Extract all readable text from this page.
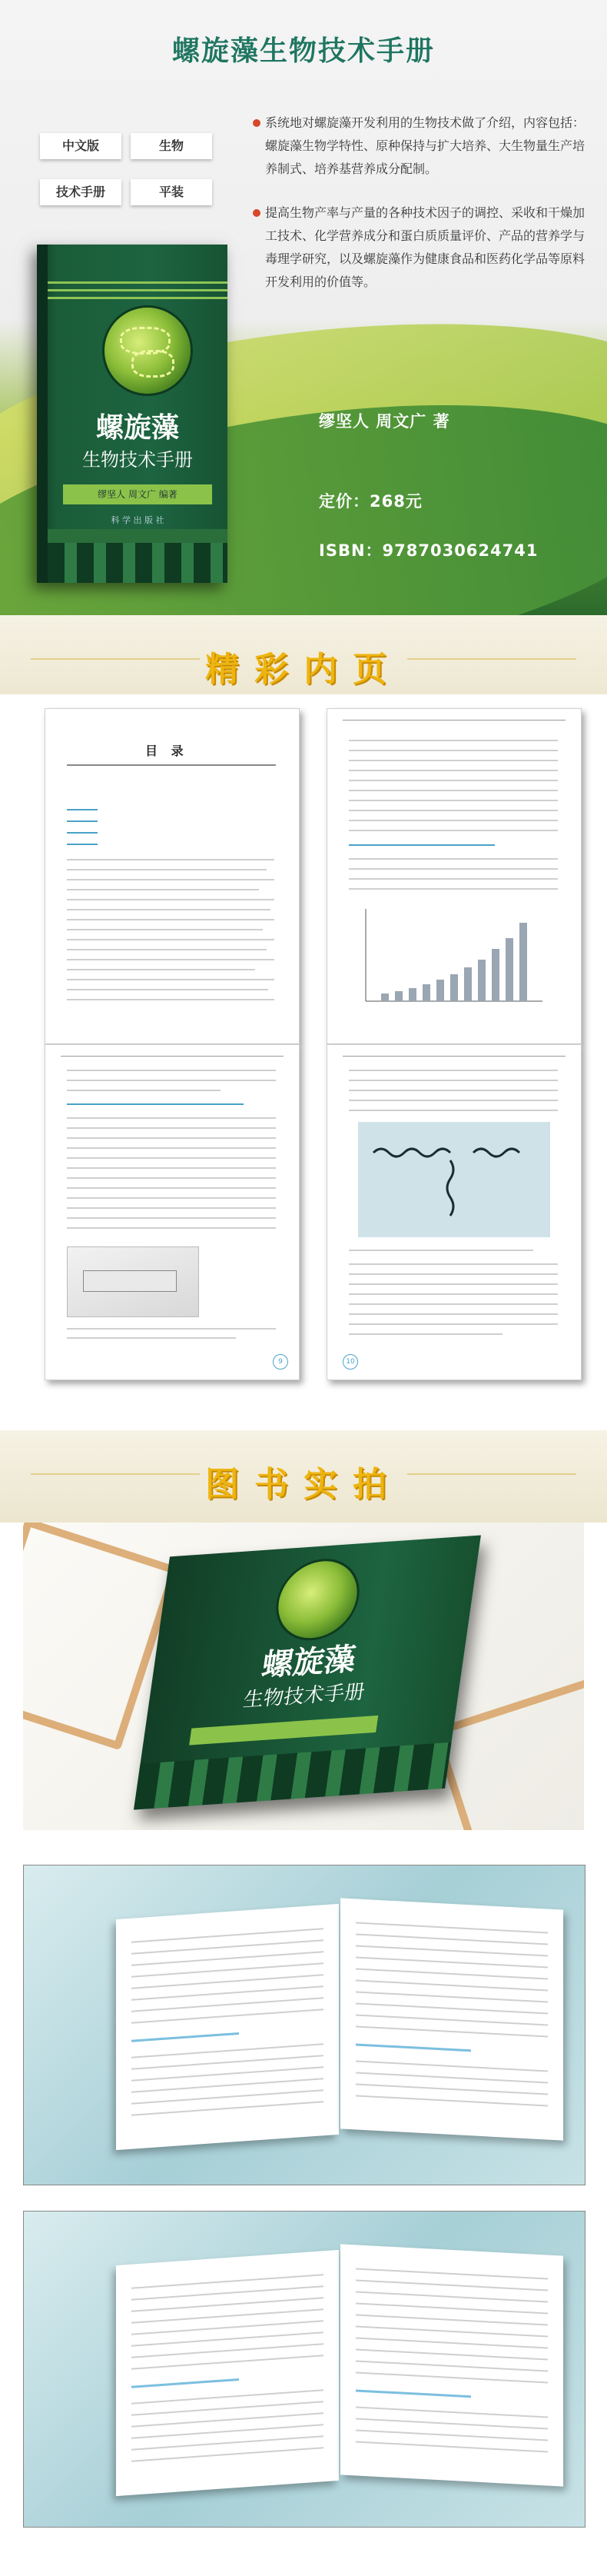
螺旋藻生物技术手册
中文版	生物
技术手册	平装
系统地对螺旋藻开发利用的生物技术做了介绍，内容包括：螺旋藻生物学特性、原种保持与扩大培养、大生物量生产培养制式、培养基营养成分配制。
提高生物产率与产量的各种技术因子的调控、采收和干燥加工技术、化学营养成分和蛋白质质量评价、产品的营养学与毒理学研究，以及螺旋藻作为健康食品和医药化学品等原料开发利用的价值等。
缪坚人 周文广 著
定价：268元
ISBN：9787030624741
螺旋藻
生物技术手册
缪坚人 周文广 编著
科 学 出 版 社
精彩内页
目 录
9	10
图书实拍
螺旋藻
生物技术手册
